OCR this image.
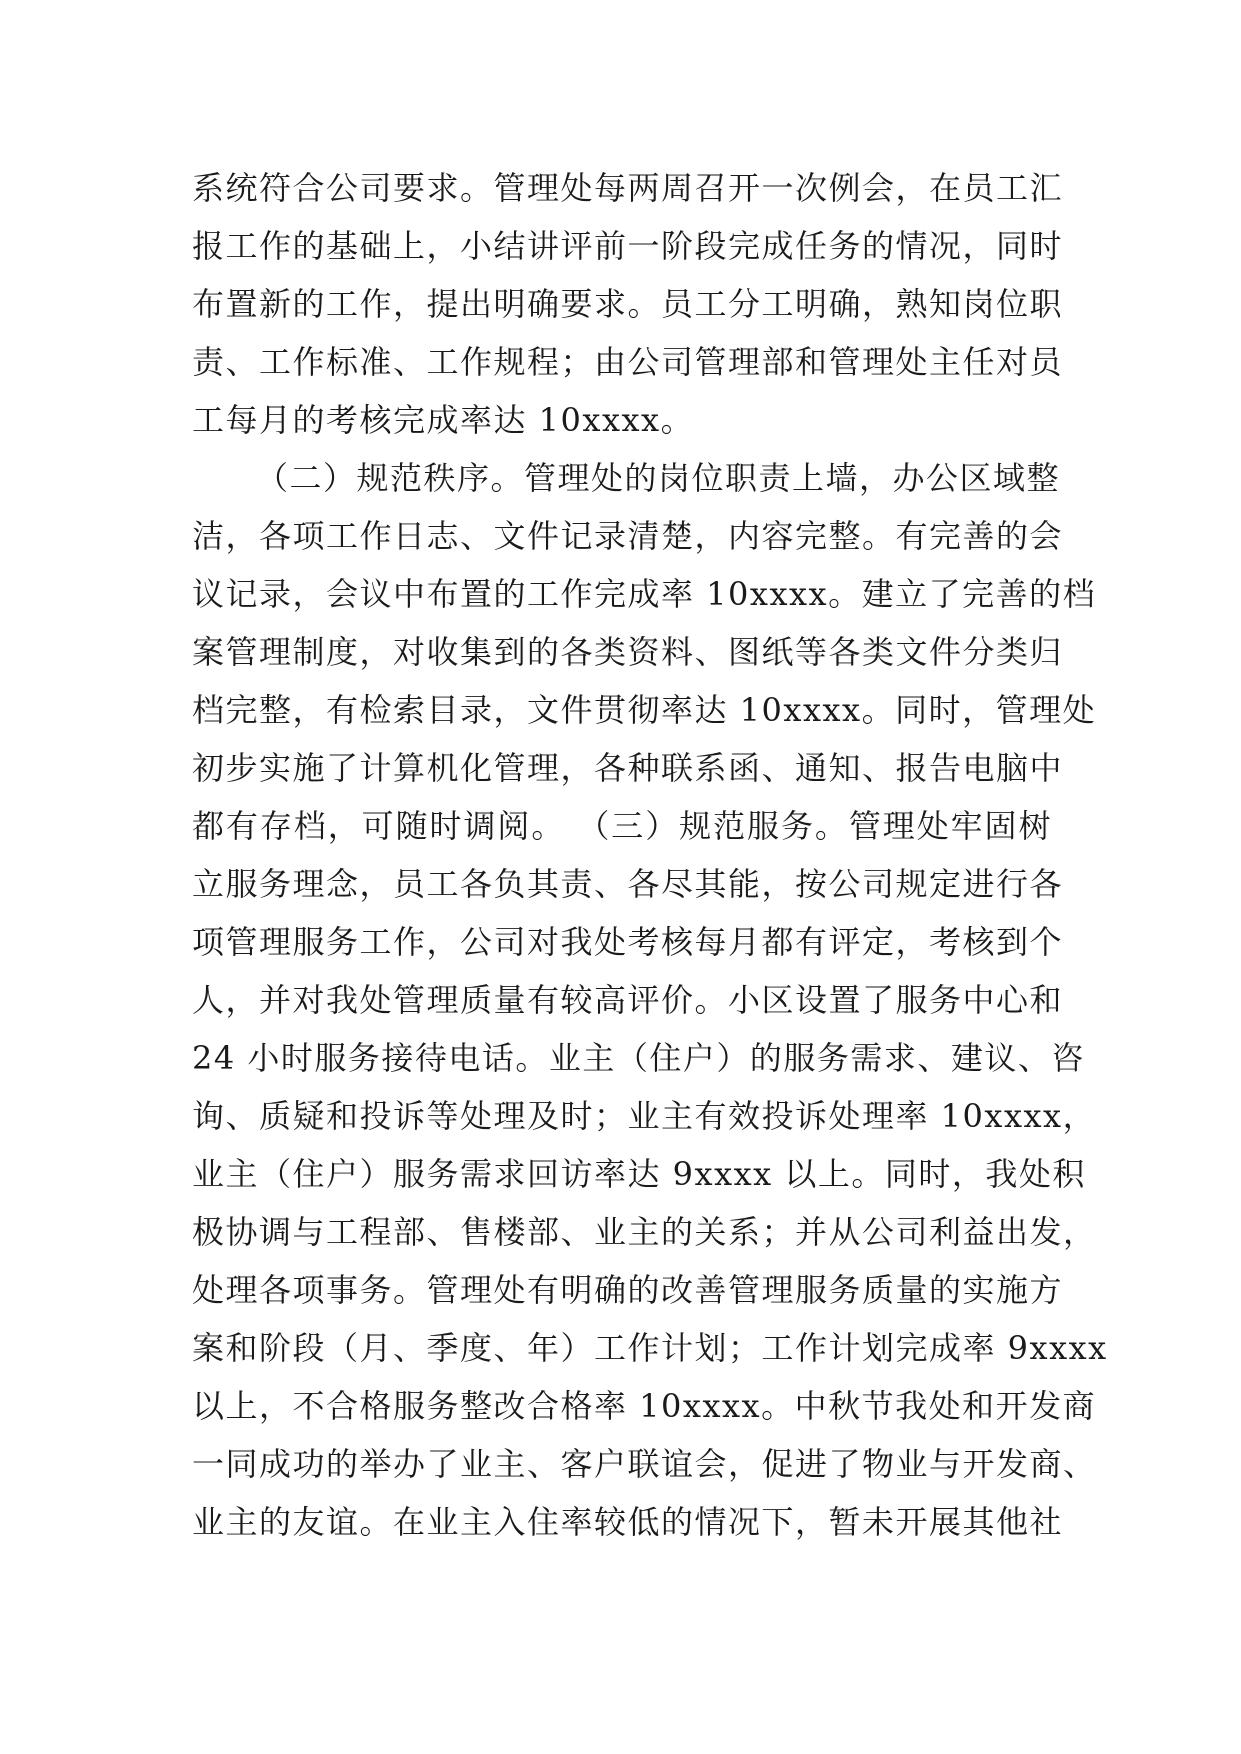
系统符合公司要求。管理处每两周召开一次例会，在员工汇
报工作的基础上，小结讲评前一阶段完成任务的情况，同时
布置新的工作，提出明确要求。员工分工明确，熟知岗位职
责、工作标准、工作规程；由公司管理部和管理处主任对员
工每月的考核完成率达 10xxxx。
（二）规范秩序。管理处的岗位职责上墙，办公区域整
洁，各项工作日志、文件记录清楚，内容完整。有完善的会
议记录，会议中布置的工作完成率 10xxxx。建立了完善的档
案管理制度，对收集到的各类资料、图纸等各类文件分类归
档完整，有检索目录，文件贯彻率达 10xxxx。同时，管理处
初步实施了计算机化管理，各种联系函、通知、报告电脑中
都有存档，可随时调阅。 （三）规范服务。管理处牢固树
立服务理念，员工各负其责、各尽其能，按公司规定进行各
项管理服务工作，公司对我处考核每月都有评定，考核到个
人，并对我处管理质量有较高评价。小区设置了服务中心和
24 小时服务接待电话。业主（住户）的服务需求、建议、咨
询、质疑和投诉等处理及时；业主有效投诉处理率 10xxxx，
业主（住户）服务需求回访率达 9xxxx 以上。同时，我处积
极协调与工程部、售楼部、业主的关系；并从公司利益出发，
处理各项事务。管理处有明确的改善管理服务质量的实施方
案和阶段（月、季度、年）工作计划；工作计划完成率 9xxxx
以上，不合格服务整改合格率 10xxxx。中秋节我处和开发商
一同成功的举办了业主、客户联谊会，促进了物业与开发商、
业主的友谊。在业主入住率较低的情况下，暂未开展其他社
